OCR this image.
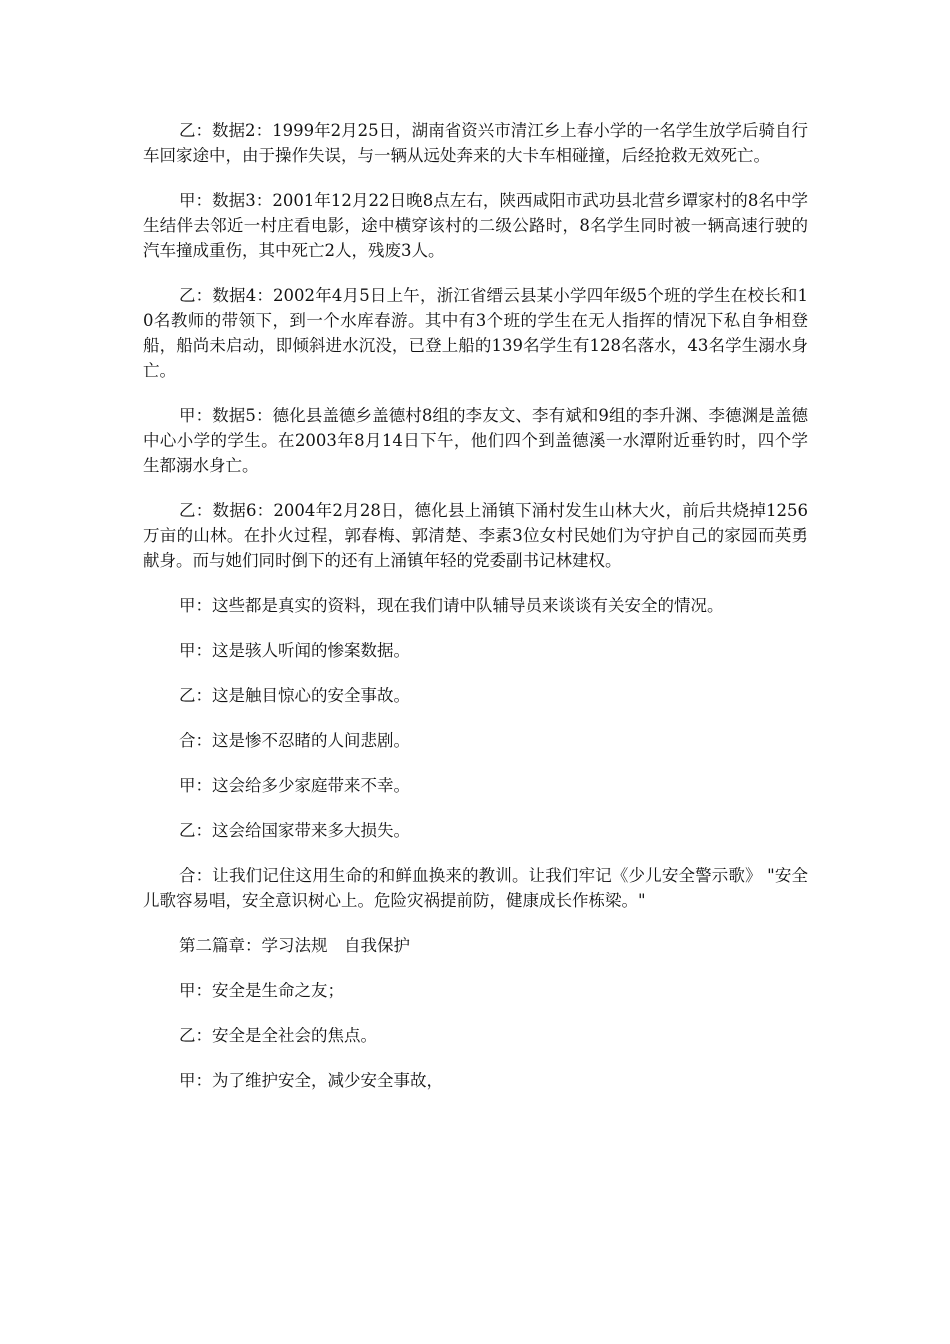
乙：数据2：1999年2月25日，湖南省资兴市清江乡上春小学的一名学生放学后骑自行车回家途中，由于操作失误，与一辆从远处奔来的大卡车相碰撞，后经抢救无效死亡。

甲：数据3：2001年12月22日晚8点左右，陕西咸阳市武功县北营乡谭家村的8名中学生结伴去邻近一村庄看电影，途中横穿该村的二级公路时，8名学生同时被一辆高速行驶的汽车撞成重伤，其中死亡2人，残废3人。

乙：数据4：2002年4月5日上午，浙江省缙云县某小学四年级5个班的学生在校长和10名教师的带领下，到一个水库春游。其中有3个班的学生在无人指挥的情况下私自争相登船，船尚未启动，即倾斜进水沉没，已登上船的139名学生有128名落水，43名学生溺水身亡。

甲：数据5：德化县盖德乡盖德村8组的李友文、李有斌和9组的李升渊、李德渊是盖德中心小学的学生。在2003年8月14日下午，他们四个到盖德溪一水潭附近垂钓时，四个学生都溺水身亡。

乙：数据6：2004年2月28日，德化县上涌镇下涌村发生山林大火，前后共烧掉1256万亩的山林。在扑火过程，郭春梅、郭清楚、李素3位女村民她们为守护自己的家园而英勇献身。而与她们同时倒下的还有上涌镇年轻的党委副书记林建权。

甲：这些都是真实的资料，现在我们请中队辅导员来谈谈有关安全的情况。

甲：这是骇人听闻的惨案数据。

乙：这是触目惊心的安全事故。

合：这是惨不忍睹的人间悲剧。

甲：这会给多少家庭带来不幸。

乙：这会给国家带来多大损失。

合：让我们记住这用生命的和鲜血换来的教训。让我们牢记《少儿安全警示歌》 "安全儿歌容易唱，安全意识树心上。危险灾祸提前防，健康成长作栋梁。"

第二篇章：学习法规　自我保护

甲：安全是生命之友；

乙：安全是全社会的焦点。

甲：为了维护安全，减少安全事故，
